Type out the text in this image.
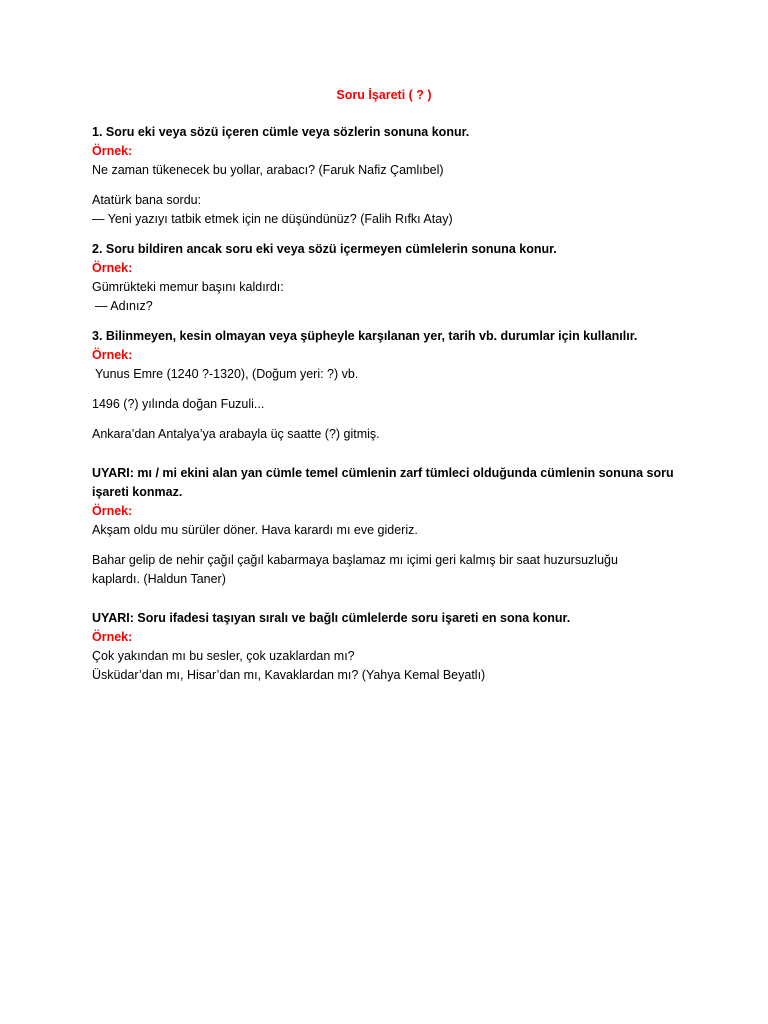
Soru İşareti ( ? )

1. Soru eki veya sözü içeren cümle veya sözlerin sonuna konur.

Örnek:

Ne zaman tükenecek bu yollar, arabacı? (Faruk Nafiz Çamlıbel)

Atatürk bana sordu:

— Yeni yazıyı tatbik etmek için ne düşündünüz? (Falih Rıfkı Atay)

2. Soru bildiren ancak soru eki veya sözü içermeyen cümlelerin sonuna konur.

Örnek:

Gümrükteki memur başını kaldırdı:

— Adınız?

3. Bilinmeyen, kesin olmayan veya şüpheyle karşılanan yer, tarih vb. durumlar için kullanılır.

Örnek:

Yunus Emre (1240 ?-1320), (Doğum yeri: ?) vb.

1496 (?) yılında doğan Fuzuli...

Ankara’dan Antalya’ya arabayla üç saatte (?) gitmiş.

UYARI: mı / mi ekini alan yan cümle temel cümlenin zarf tümleci olduğunda cümlenin sonuna soru

işareti konmaz.

Örnek:

Akşam oldu mu sürüler döner. Hava karardı mı eve gideriz.

Bahar gelip de nehir çağıl çağıl kabarmaya başlamaz mı içimi geri kalmış bir saat huzursuzluğu

kaplardı. (Haldun Taner)

UYARI: Soru ifadesi taşıyan sıralı ve bağlı cümlelerde soru işareti en sona konur.

Örnek:

Çok yakından mı bu sesler, çok uzaklardan mı?

Üsküdar’dan mı, Hisar’dan mı, Kavaklardan mı? (Yahya Kemal Beyatlı)
